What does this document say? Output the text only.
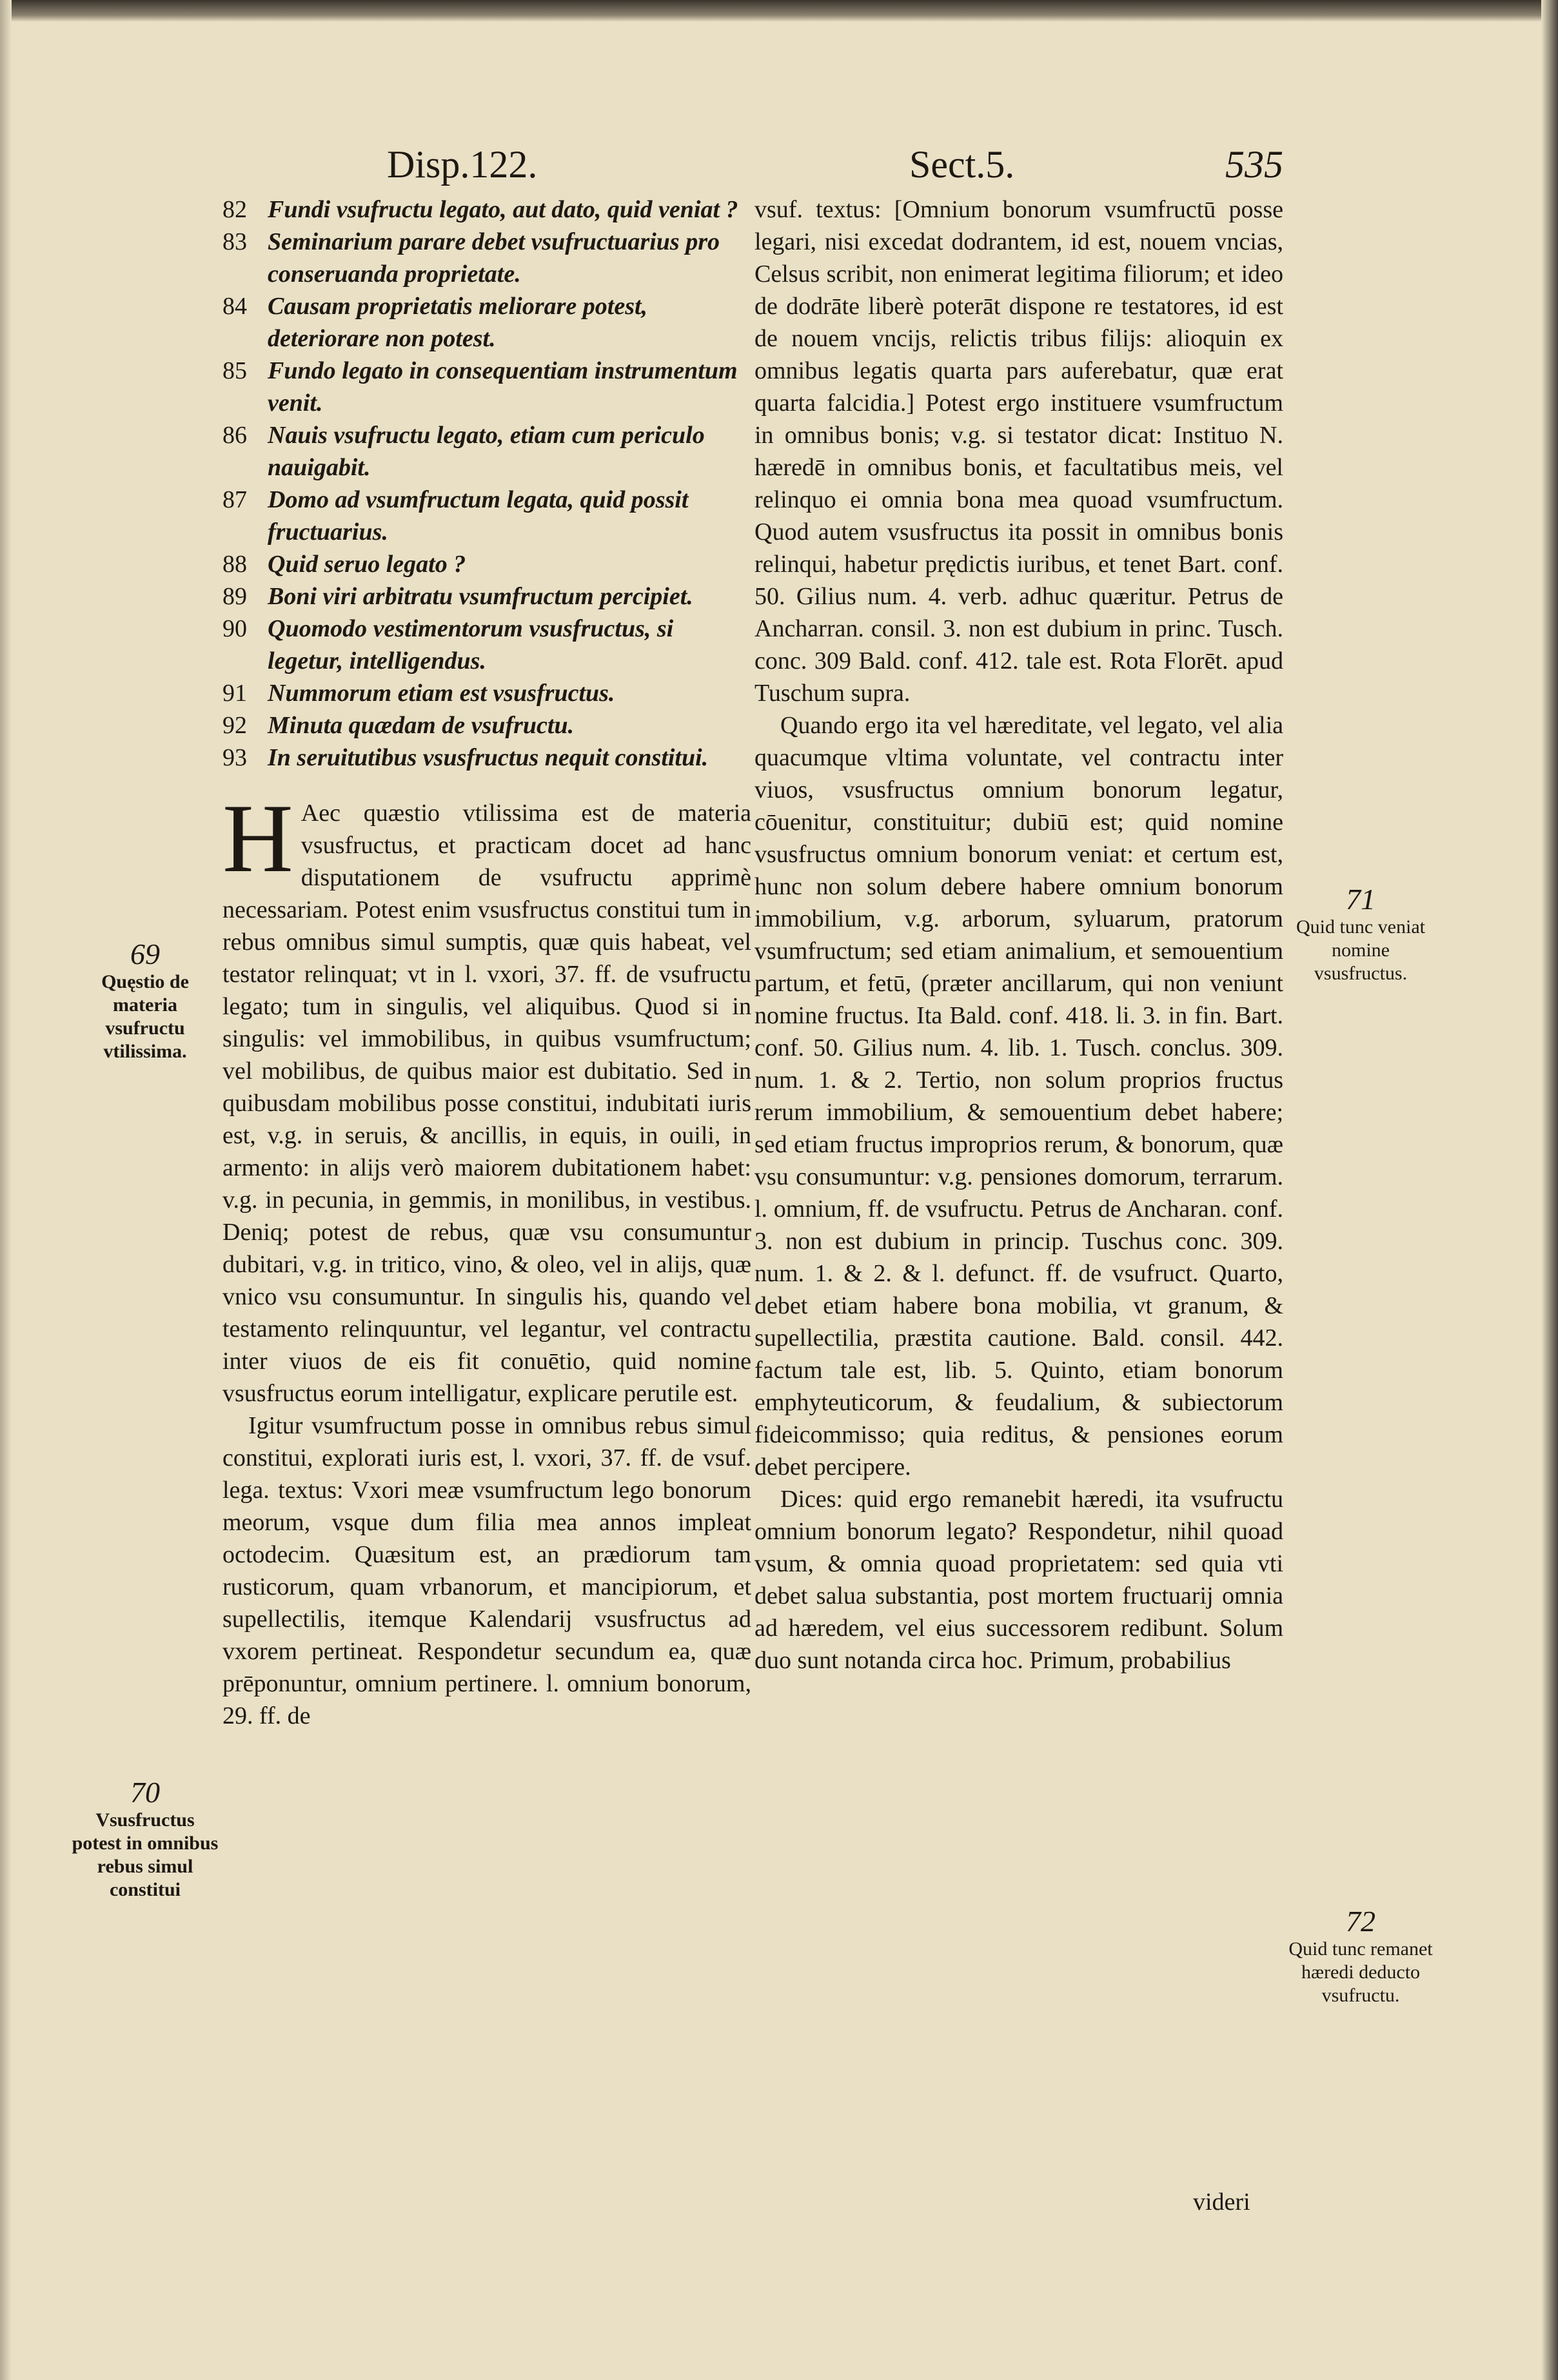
Disp.122.	Sect.5.	535
82 Fundi vsufructu legato, aut dato, quid veniat ?
83 Seminarium parare debet vsufructuarius pro conseruanda proprietate.
84 Causam proprietatis meliorare potest, deteriorare non potest.
85 Fundo legato in consequentiam instrumentum venit.
86 Nauis vsufructu legato, etiam cum periculo nauigabit.
87 Domo ad vsumfructum legata, quid possit fructuarius.
88 Quid seruo legato ?
89 Boni viri arbitratu vsumfructum percipiet.
90 Quomodo vestimentorum vsusfructus, si legetur, intelligendus.
91 Nummorum etiam est vsusfructus.
92 Minuta quædam de vsufructu.
93 In seruitutibus vsusfructus nequit constitui.

H Aec quæstio vtilissima est de materia vsusfructus, et practicam docet ad hanc disputationem de vsufructu apprimè necessariam. Potest enim vsusfructus constitui tum in rebus omnibus simul sumptis, quæ quis habeat, vel testator relinquat; vt in l. vxori, 37. ff. de vsufructu legato; tum in singulis, vel aliquibus. Quod si in singulis: vel immobilibus, in quibus vsumfructum; vel mobilibus, de quibus maior est dubitatio. Sed in quibusdam mobilibus posse constitui, indubitati iuris est, v.g. in seruis, & ancillis, in equis, in ouili, in armento: in alijs verò maiorem dubitationem habet: v.g. in pecunia, in gemmis, in monilibus, in vestibus. Deniq; potest de rebus, quæ vsu consumuntur dubitari, v.g. in tritico, vino, & oleo, vel in alijs, quæ vnico vsu consumuntur. In singulis his, quando vel testamento relinquuntur, vel legantur, vel contractu inter viuos de eis fit conuētio, quid nomine vsusfructus eorum intelligatur, explicare perutile est.

Igitur vsumfructum posse in omnibus rebus simul constitui, explorati iuris est, l. vxori, 37. ff. de vsuf. lega. textus: Vxori meæ vsumfructum lego bonorum meorum, vsque dum filia mea annos impleat octodecim. Quæsitum est, an prædiorum tam rusticorum, quam vrbanorum, et mancipiorum, et supellectilis, itemque Kalendarij vsusfructus ad vxorem pertineat. Respondetur secundum ea, quæ prēponuntur, omnium pertinere. l. omnium bonorum, 29. ff. de

vsuf. textus: [Omnium bonorum vsumfructū posse legari, nisi excedat dodrantem, id est, nouem vncias, Celsus scribit, non enimerat legitima filiorum; et ideo de dodrāte liberè poterāt dispone re testatores, id est de nouem vncijs, relictis tribus filijs: alioquin ex omnibus legatis quarta pars auferebatur, quæ erat quarta falcidia.] Potest ergo instituere vsumfructum in omnibus bonis; v.g. si testator dicat: Instituo N. hæredē in omnibus bonis, et facultatibus meis, vel relinquo ei omnia bona mea quoad vsumfructum. Quod autem vsusfructus ita possit in omnibus bonis relinqui, habetur prędictis iuribus, et tenet Bart. conf. 50. Gilius num. 4. verb. adhuc quæritur. Petrus de Ancharran. consil. 3. non est dubium in princ. Tusch. conc. 309 Bald. conf. 412. tale est. Rota Florēt. apud Tuschum supra.

Quando ergo ita vel hæreditate, vel legato, vel alia quacumque vltima voluntate, vel contractu inter viuos, vsusfructus omnium bonorum legatur, cōuenitur, constituitur; dubiū est; quid nomine vsusfructus omnium bonorum veniat: et certum est, hunc non solum debere habere omnium bonorum immobilium, v.g. arborum, syluarum, pratorum vsumfructum; sed etiam animalium, et semouentium partum, et fetū, (præter ancillarum, qui non veniunt nomine fructus. Ita Bald. conf. 418. li. 3. in fin. Bart. conf. 50. Gilius num. 4. lib. 1. Tusch. conclus. 309. num. 1. & 2. Tertio, non solum proprios fructus rerum immobilium, & semouentium debet habere; sed etiam fructus improprios rerum, & bonorum, quæ vsu consumuntur: v.g. pensiones domorum, terrarum. l. omnium, ff. de vsufructu. Petrus de Ancharan. conf. 3. non est dubium in princip. Tuschus conc. 309. num. 1. & 2. & l. defunct. ff. de vsufruct. Quarto, debet etiam habere bona mobilia, vt granum, & supellectilia, præstita cautione. Bald. consil. 442. factum tale est, lib. 5. Quinto, etiam bonorum emphyteuticorum, & feudalium, & subiectorum fideicommisso; quia reditus, & pensiones eorum debet percipere.

Dices: quid ergo remanebit hæredi, ita vsufructu omnium bonorum legato? Respondetur, nihil quoad vsum, & omnia quoad proprietatem: sed quia vti debet salua substantia, post mortem fructuarij omnia ad hæredem, vel eius successorem redibunt. Solum duo sunt notanda circa hoc. Primum, probabilius

videri
69
Quęstio de materia vsufructu vtilissima.
70
Vsusfructus potest in omnibus rebus simul constitui
71
Quid tunc veniat nomine vsusfructus.
72
Quid tunc remanet hæredi deducto vsufructu.
